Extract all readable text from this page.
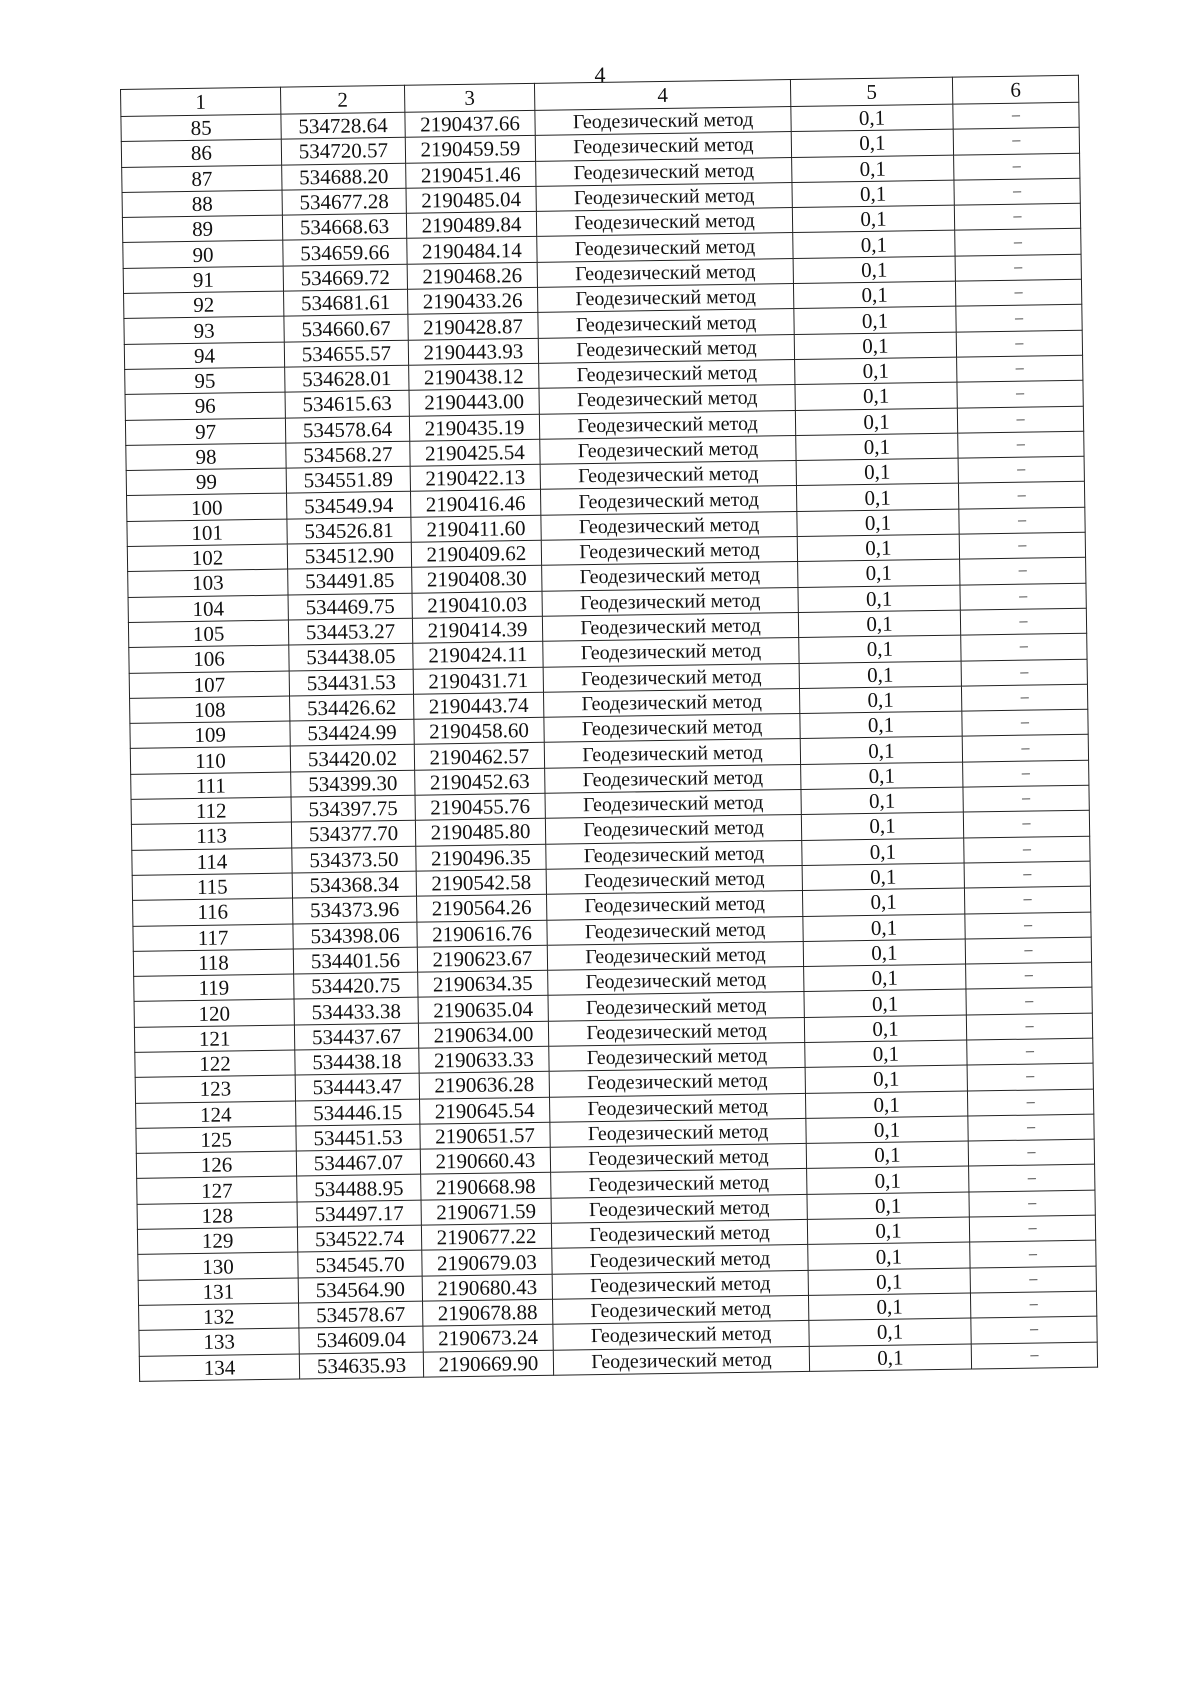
4
1	2	3	4	5	6
85	534728.64	2190437.66	Геодезический метод	0,1	–
86	534720.57	2190459.59	Геодезический метод	0,1	–
87	534688.20	2190451.46	Геодезический метод	0,1	–
88	534677.28	2190485.04	Геодезический метод	0,1	–
89	534668.63	2190489.84	Геодезический метод	0,1	–
90	534659.66	2190484.14	Геодезический метод	0,1	–
91	534669.72	2190468.26	Геодезический метод	0,1	–
92	534681.61	2190433.26	Геодезический метод	0,1	–
93	534660.67	2190428.87	Геодезический метод	0,1	–
94	534655.57	2190443.93	Геодезический метод	0,1	–
95	534628.01	2190438.12	Геодезический метод	0,1	–
96	534615.63	2190443.00	Геодезический метод	0,1	–
97	534578.64	2190435.19	Геодезический метод	0,1	–
98	534568.27	2190425.54	Геодезический метод	0,1	–
99	534551.89	2190422.13	Геодезический метод	0,1	–
100	534549.94	2190416.46	Геодезический метод	0,1	–
101	534526.81	2190411.60	Геодезический метод	0,1	–
102	534512.90	2190409.62	Геодезический метод	0,1	–
103	534491.85	2190408.30	Геодезический метод	0,1	–
104	534469.75	2190410.03	Геодезический метод	0,1	–
105	534453.27	2190414.39	Геодезический метод	0,1	–
106	534438.05	2190424.11	Геодезический метод	0,1	–
107	534431.53	2190431.71	Геодезический метод	0,1	–
108	534426.62	2190443.74	Геодезический метод	0,1	–
109	534424.99	2190458.60	Геодезический метод	0,1	–
110	534420.02	2190462.57	Геодезический метод	0,1	–
111	534399.30	2190452.63	Геодезический метод	0,1	–
112	534397.75	2190455.76	Геодезический метод	0,1	–
113	534377.70	2190485.80	Геодезический метод	0,1	–
114	534373.50	2190496.35	Геодезический метод	0,1	–
115	534368.34	2190542.58	Геодезический метод	0,1	–
116	534373.96	2190564.26	Геодезический метод	0,1	–
117	534398.06	2190616.76	Геодезический метод	0,1	–
118	534401.56	2190623.67	Геодезический метод	0,1	–
119	534420.75	2190634.35	Геодезический метод	0,1	–
120	534433.38	2190635.04	Геодезический метод	0,1	–
121	534437.67	2190634.00	Геодезический метод	0,1	–
122	534438.18	2190633.33	Геодезический метод	0,1	–
123	534443.47	2190636.28	Геодезический метод	0,1	–
124	534446.15	2190645.54	Геодезический метод	0,1	–
125	534451.53	2190651.57	Геодезический метод	0,1	–
126	534467.07	2190660.43	Геодезический метод	0,1	–
127	534488.95	2190668.98	Геодезический метод	0,1	–
128	534497.17	2190671.59	Геодезический метод	0,1	–
129	534522.74	2190677.22	Геодезический метод	0,1	–
130	534545.70	2190679.03	Геодезический метод	0,1	–
131	534564.90	2190680.43	Геодезический метод	0,1	–
132	534578.67	2190678.88	Геодезический метод	0,1	–
133	534609.04	2190673.24	Геодезический метод	0,1	–
134	534635.93	2190669.90	Геодезический метод	0,1	–
